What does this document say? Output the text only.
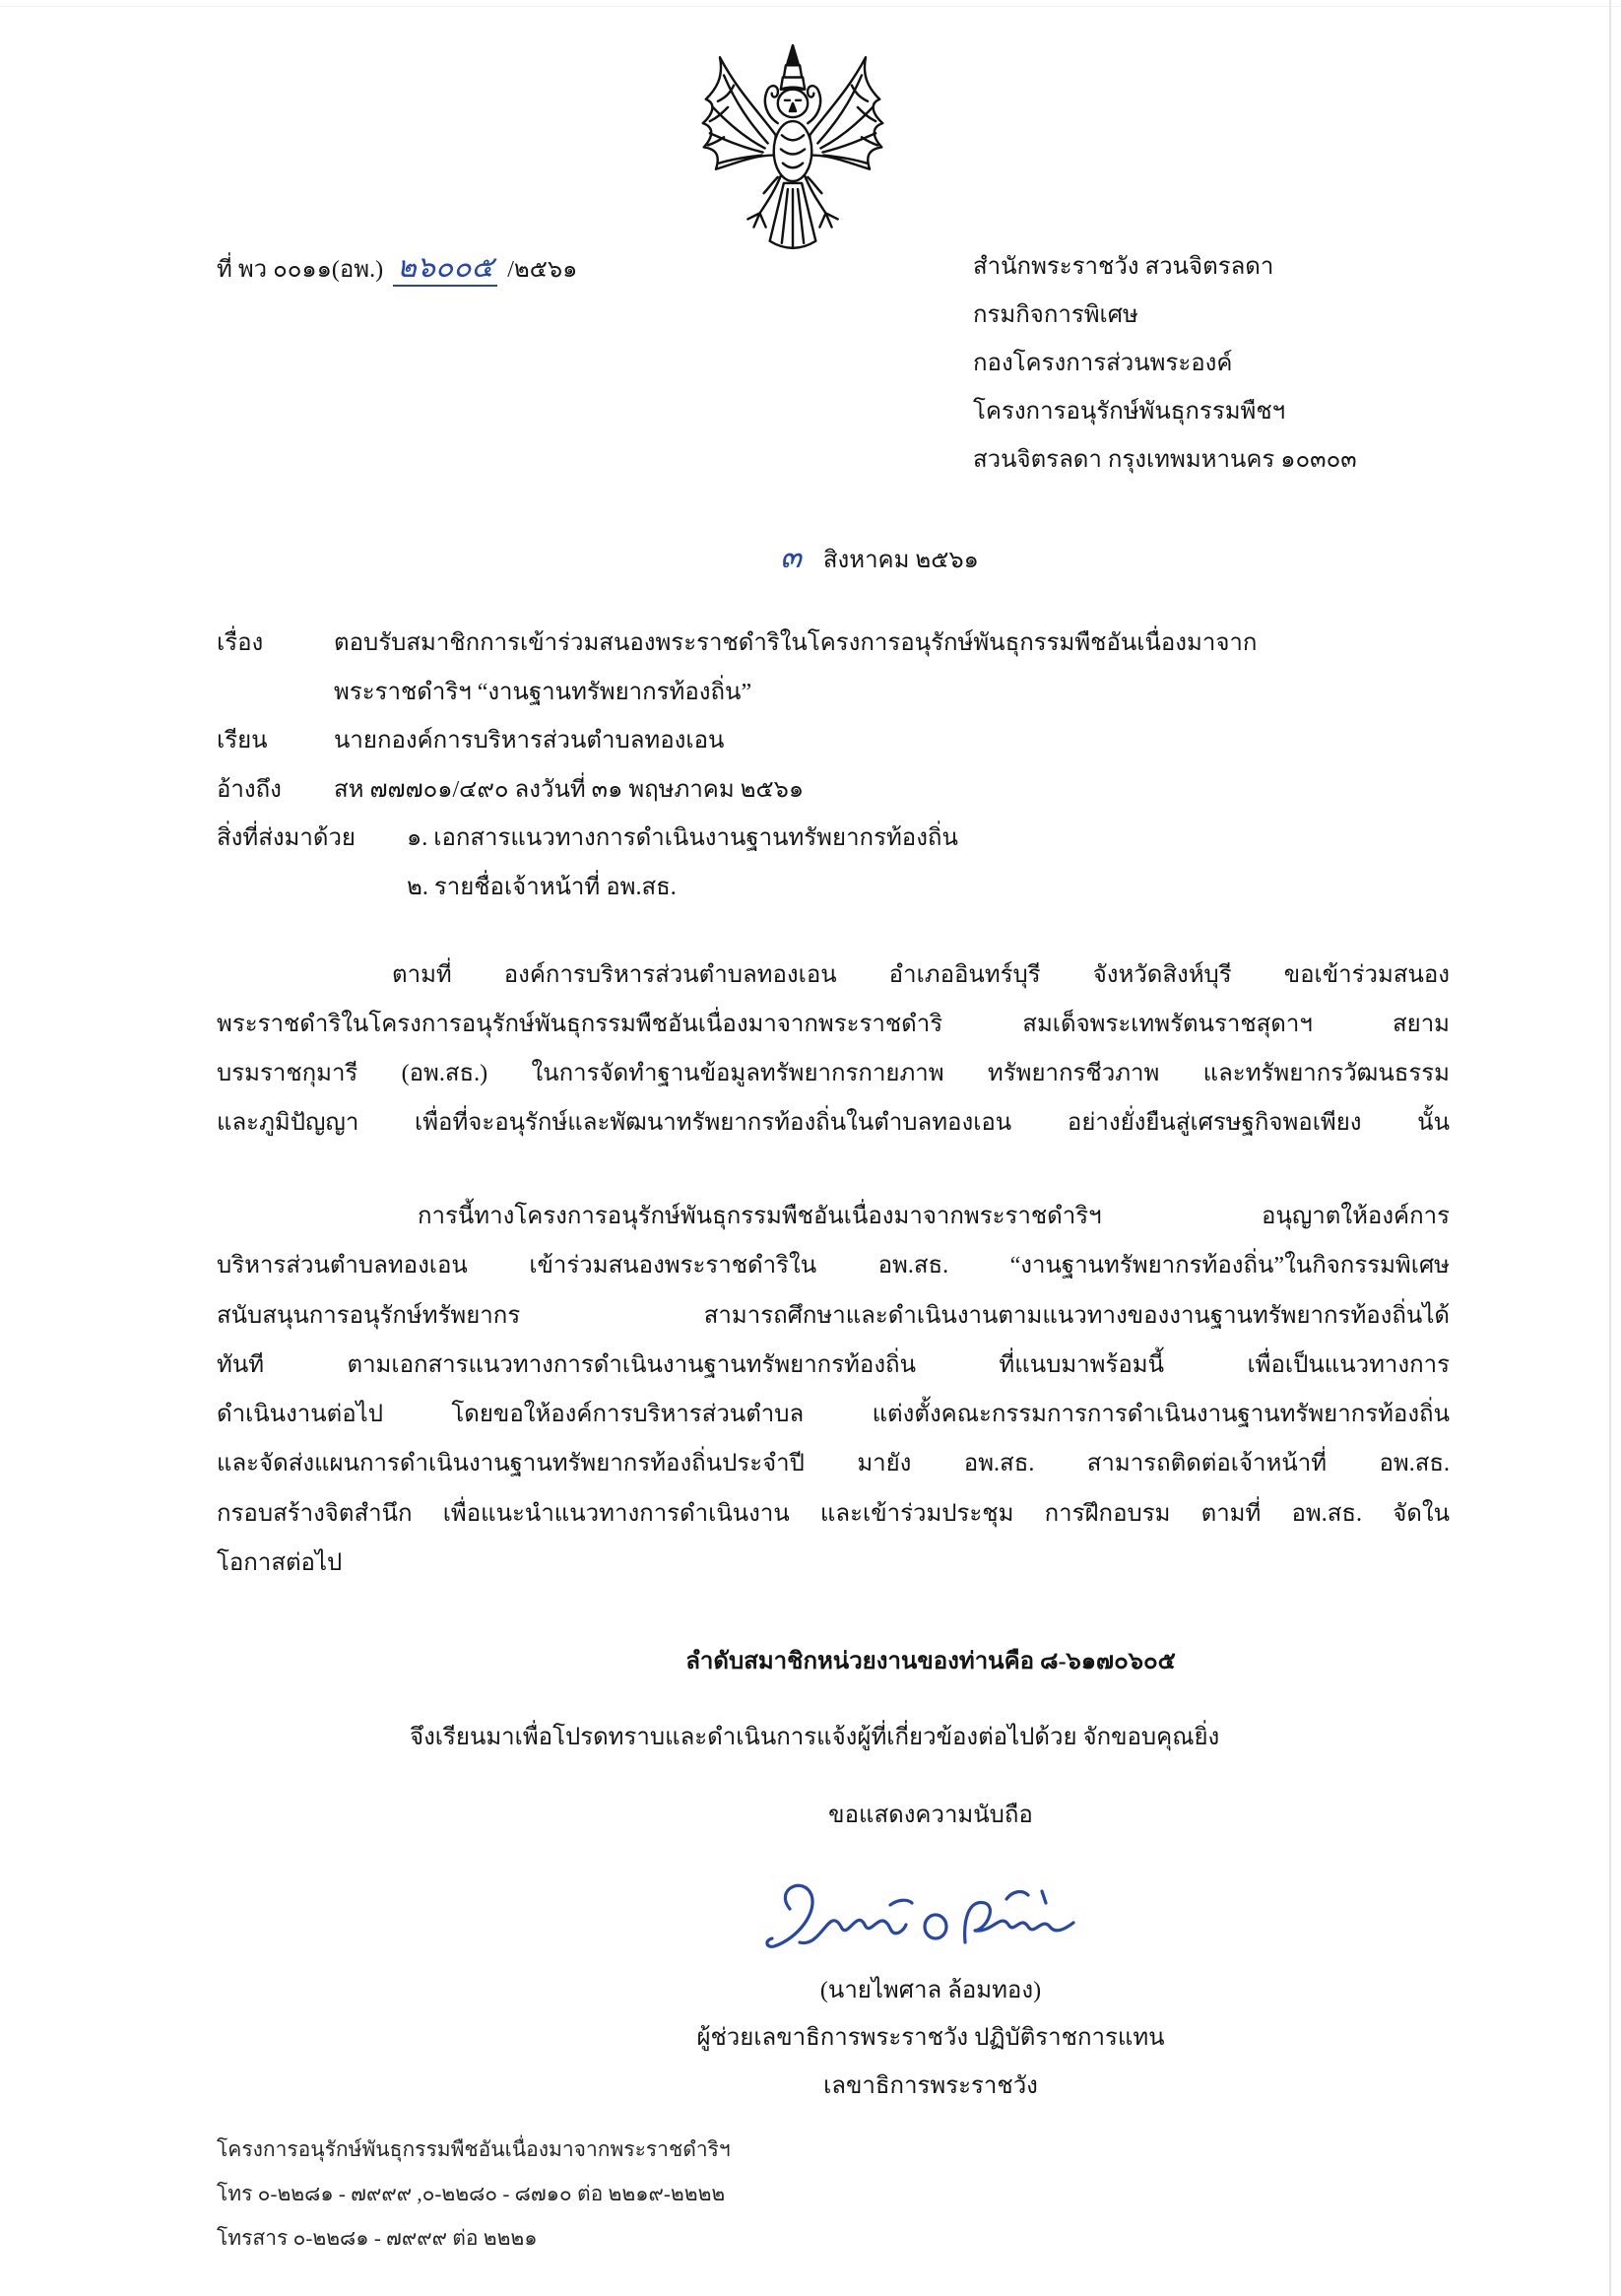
ที่ พว ๐๐๑๑(อพ.) ๒๖๐๐๕ /๒๕๖๑	สำนักพระราชวัง สวนจิตรลดา
กรมกิจการพิเศษ
กองโครงการส่วนพระองค์
โครงการอนุรักษ์พันธุกรรมพืชฯ
สวนจิตรลดา กรุงเทพมหานคร ๑๐๓๐๓
๓ สิงหาคม ๒๕๖๑
เรื่อง	ตอบรับสมาชิกการเข้าร่วมสนองพระราชดำริในโครงการอนุรักษ์พันธุกรรมพืชอันเนื่องมาจาก
พระราชดำริฯ “งานฐานทรัพยากรท้องถิ่น”
เรียน	นายกองค์การบริหารส่วนตำบลทองเอน
อ้างถึง	สห ๗๗๗๐๑/๔๙๐ ลงวันที่ ๓๑ พฤษภาคม ๒๕๖๑
สิ่งที่ส่งมาด้วย	๑. เอกสารแนวทางการดำเนินงานฐานทรัพยากรท้องถิ่น
๒. รายชื่อเจ้าหน้าที่ อพ.สธ.
ตามที่ องค์การบริหารส่วนตำบลทองเอน อำเภออินทร์บุรี จังหวัดสิงห์บุรี ขอเข้าร่วมสนอง
พระราชดำริในโครงการอนุรักษ์พันธุกรรมพืชอันเนื่องมาจากพระราชดำริ สมเด็จพระเทพรัตนราชสุดาฯ สยาม
บรมราชกุมารี (อพ.สธ.) ในการจัดทำฐานข้อมูลทรัพยากรกายภาพ ทรัพยากรชีวภาพ และทรัพยากรวัฒนธรรม
และภูมิปัญญา เพื่อที่จะอนุรักษ์และพัฒนาทรัพยากรท้องถิ่นในตำบลทองเอน อย่างยั่งยืนสู่เศรษฐกิจพอเพียง นั้น
การนี้ทางโครงการอนุรักษ์พันธุกรรมพืชอันเนื่องมาจากพระราชดำริฯ อนุญาตให้องค์การ
บริหารส่วนตำบลทองเอน เข้าร่วมสนองพระราชดำริใน อพ.สธ. “งานฐานทรัพยากรท้องถิ่น”ในกิจกรรมพิเศษ
สนับสนุนการอนุรักษ์ทรัพยากร สามารถศึกษาและดำเนินงานตามแนวทางของงานฐานทรัพยากรท้องถิ่นได้
ทันที ตามเอกสารแนวทางการดำเนินงานฐานทรัพยากรท้องถิ่น ที่แนบมาพร้อมนี้ เพื่อเป็นแนวทางการ
ดำเนินงานต่อไป โดยขอให้องค์การบริหารส่วนตำบล แต่งตั้งคณะกรรมการการดำเนินงานฐานทรัพยากรท้องถิ่น
และจัดส่งแผนการดำเนินงานฐานทรัพยากรท้องถิ่นประจำปี มายัง อพ.สธ. สามารถติดต่อเจ้าหน้าที่ อพ.สธ.
กรอบสร้างจิตสำนึก เพื่อแนะนำแนวทางการดำเนินงาน และเข้าร่วมประชุม การฝึกอบรม ตามที่ อพ.สธ. จัดใน
โอกาสต่อไป
ลำดับสมาชิกหน่วยงานของท่านคือ ๘-๖๑๗๐๖๐๕
จึงเรียนมาเพื่อโปรดทราบและดำเนินการแจ้งผู้ที่เกี่ยวข้องต่อไปด้วย จักขอบคุณยิ่ง
ขอแสดงความนับถือ
(นายไพศาล ล้อมทอง)
ผู้ช่วยเลขาธิการพระราชวัง ปฏิบัติราชการแทน
เลขาธิการพระราชวัง
โครงการอนุรักษ์พันธุกรรมพืชอันเนื่องมาจากพระราชดำริฯ
โทร ๐-๒๒๘๑ - ๗๙๙๙ ,๐-๒๒๘๐ - ๘๗๑๐ ต่อ ๒๒๑๙-๒๒๒๒
โทรสาร ๐-๒๒๘๑ - ๗๙๙๙ ต่อ ๒๒๒๑
